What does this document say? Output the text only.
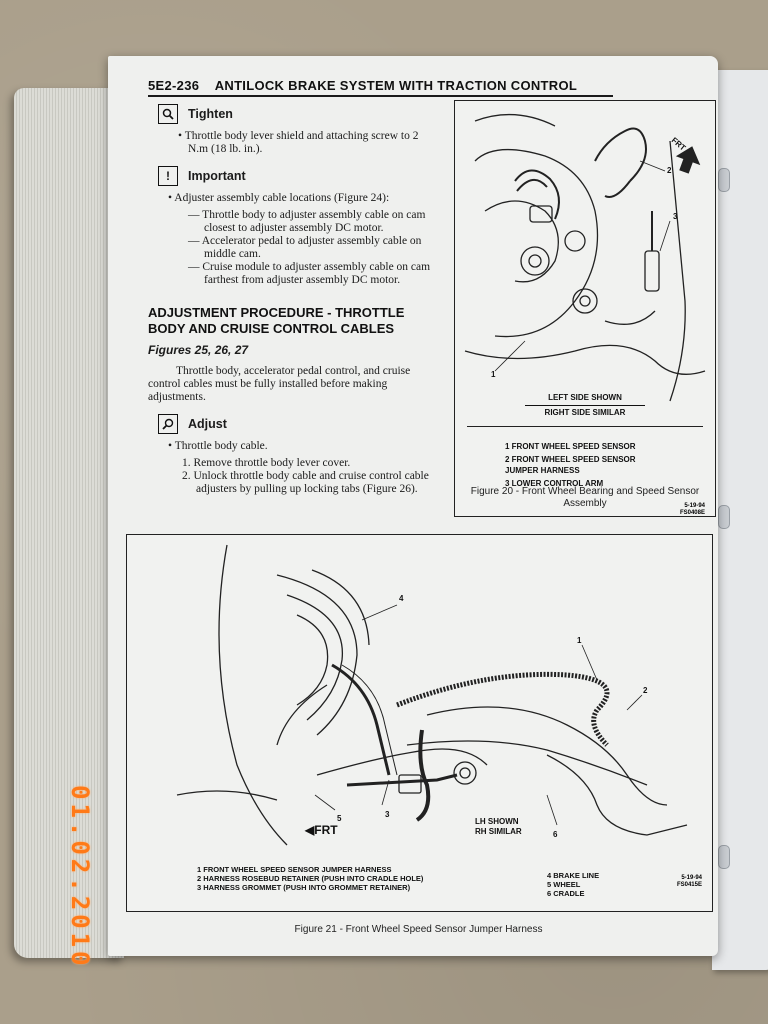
5E2-236 ANTILOCK BRAKE SYSTEM WITH TRACTION CONTROL
Tighten
• Throttle body lever shield and attaching screw to 2 N.m (18 lb. in.).
!	Important
• Adjuster assembly cable locations (Figure 24):

— Throttle body to adjuster assembly cable on cam closest to adjuster assembly DC motor.

— Accelerator pedal to adjuster assembly cable on middle cam.

— Cruise module to adjuster assembly cable on cam farthest from adjuster assembly DC motor.

ADJUSTMENT PROCEDURE - THROTTLE BODY AND CRUISE CONTROL CABLES
Figures 25, 26, 27

Throttle body, accelerator pedal control, and cruise control cables must be fully installed before making adjustments.

Adjust
• Throttle body cable.

1. Remove throttle body lever cover.

2. Unlock throttle body cable and cruise control cable adjusters by pulling up locking tabs (Figure 26).

1
2
3
FRT
LEFT SIDE SHOWN
RIGHT SIDE SIMILAR
1 FRONT WHEEL SPEED SENSOR
2 FRONT WHEEL SPEED SENSOR JUMPER HARNESS
3 LOWER CONTROL ARM
5-19-94
FS0408E
Figure 20 - Front Wheel Bearing and Speed Sensor Assembly
1
2
3
4
5
6
◀FRT
LH SHOWN
RH SIMILAR
1 FRONT WHEEL SPEED SENSOR JUMPER HARNESS
2 HARNESS ROSEBUD RETAINER (PUSH INTO CRADLE HOLE)
3 HARNESS GROMMET (PUSH INTO GROMMET RETAINER)
4 BRAKE LINE
5 WHEEL
6 CRADLE
5-19-94
FS0415E
Figure 21 - Front Wheel Speed Sensor Jumper Harness
01.02.2010
